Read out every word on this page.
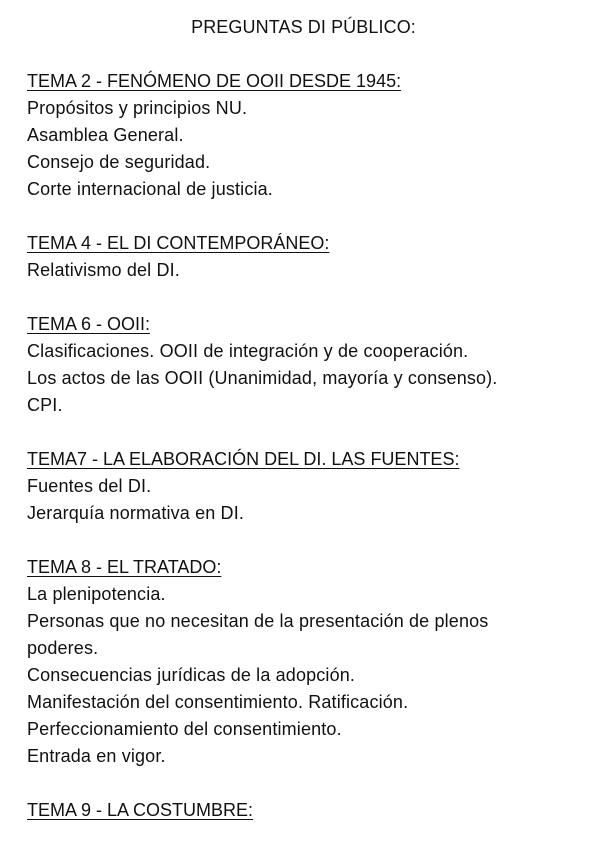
PREGUNTAS DI PÚBLICO:
TEMA 2 - FENÓMENO DE OOII DESDE 1945:
Propósitos y principios NU.
Asamblea General.
Consejo de seguridad.
Corte internacional de justicia.
TEMA 4 - EL DI CONTEMPORÁNEO:
Relativismo del DI.
TEMA 6 - OOII:
Clasificaciones. OOII de integración y de cooperación.
Los actos de las OOII (Unanimidad, mayoría y consenso).
CPI.
TEMA7 - LA ELABORACIÓN DEL DI. LAS FUENTES:
Fuentes del DI.
Jerarquía normativa en DI.
TEMA 8 - EL TRATADO:
La plenipotencia.
Personas que no necesitan de la presentación de plenos
poderes.
Consecuencias jurídicas de la adopción.
Manifestación del consentimiento. Ratificación.
Perfeccionamiento del consentimiento.
Entrada en vigor.
TEMA 9 - LA COSTUMBRE:
